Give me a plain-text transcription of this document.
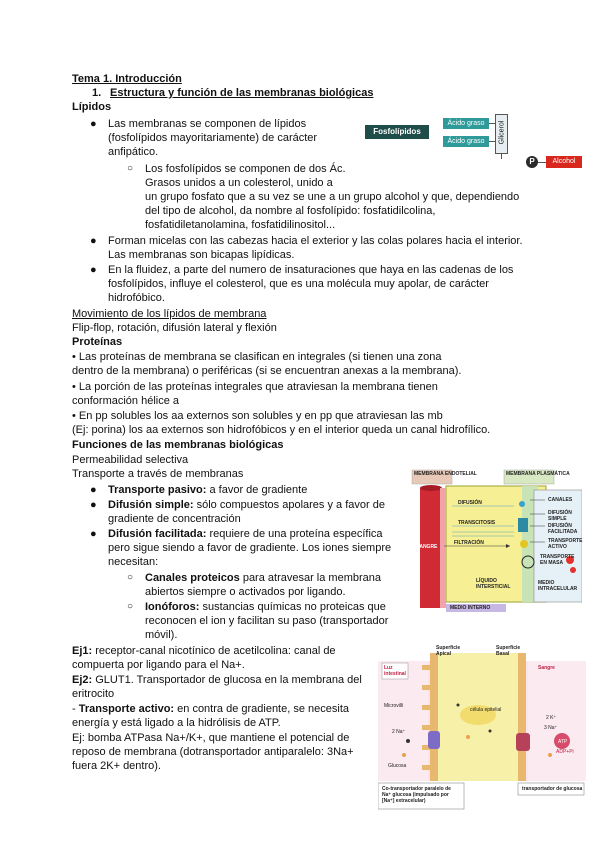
Tema 1. Introducción
1. Estructura y función de las membranas biológicas
Lípidos
● Las membranas se componen de lípidos
(fosfolípidos mayoritariamente) de carácter
anfipático.
○ Los fosfolípidos se componen de dos Ác.
Grasos unidos a un colesterol, unido a
un grupo fosfato que a su vez se une a un grupo alcohol y que, dependiendo
del tipo de alcohol, da nombre al fosfolípido: fosfatidilcolina,
fosfatidiletanolamina, fosfatidilinositol...
● Forman micelas con las cabezas hacia el exterior y las colas polares hacia el interior.
Las membranas son bicapas lipídicas.
● En la fluidez, a parte del numero de insaturaciones que haya en las cadenas de los
fosfolípidos, influye el colesterol, que es una molécula muy apolar, de carácter
hidrofóbico.
Movimiento de los lípidos de membrana
Flip-flop, rotación, difusión lateral y flexión
Proteínas
• Las proteínas de membrana se clasifican en integrales (si tienen una zona
dentro de la membrana) o periféricas (si se encuentran anexas a la membrana).
• La porción de las proteínas integrales que atraviesan la membrana tienen
conformación hélice a
• En pp solubles los aa externos son solubles y en pp que atraviesan las mb
(Ej: porina) los aa externos son hidrofóbicos y en el interior queda un canal hidrofílico.
Funciones de las membranas biológicas
Permeabilidad selectiva
Transporte a través de membranas
● Transporte pasivo: a favor de gradiente
● Difusión simple: sólo compuestos apolares y a favor de
gradiente de concentración
● Difusión facilitada: requiere de una proteína específica
pero sigue siendo a favor de gradiente. Los iones siempre
necesitan:
○ Canales proteicos para atravesar la membrana
abiertos siempre o activados por ligando.
○ Ionóforos: sustancias químicas no proteicas que
reconocen el ion y facilitan su paso (transportador
móvil).
Ej1: receptor-canal nicotínico de acetilcolina: canal de
compuerta por ligando para el Na+.
Ej2: GLUT1. Transportador de glucosa en la membrana del
eritrocito
- Transporte activo: en contra de gradiente, se necesita
energía y está ligado a la hidrólisis de ATP.
Ej: bomba ATPasa Na+/K+, que mantiene el potencial de
reposo de membrana (dotransportador antiparalelo: 3Na+
fuera 2K+ dentro).
Fosfolípidos
Ácido graso
Ácido graso	Glicerol
P	Alcohol
MEMBRANA ENDOTELIAL	MEMBRANA PLASMÁTICA
SANGRE
FILTRACIÓN
DIFUSIÓN
TRANSCITOSIS
LÍQUIDO INTERSTICIAL
MEDIO INTERNO
CANALES
DIFUSIÓN SIMPLE
DIFUSIÓN FACILITADA
TRANSPORTE ACTIVO
TRANSPORTE EN MASA
MEDIO INTRACELULAR
Superficie Apical
Superficie Basal
Luz intestinal
Sangre
Microvilli
2 Na⁺
Glucosa
célula epitelial
2 K⁺
3 Na⁺
ATP
ADP+Pi
Co-transportador paralelo de Na⁺ glucosa (impulsado por [Na⁺] extracelular)
transportador de glucosa
